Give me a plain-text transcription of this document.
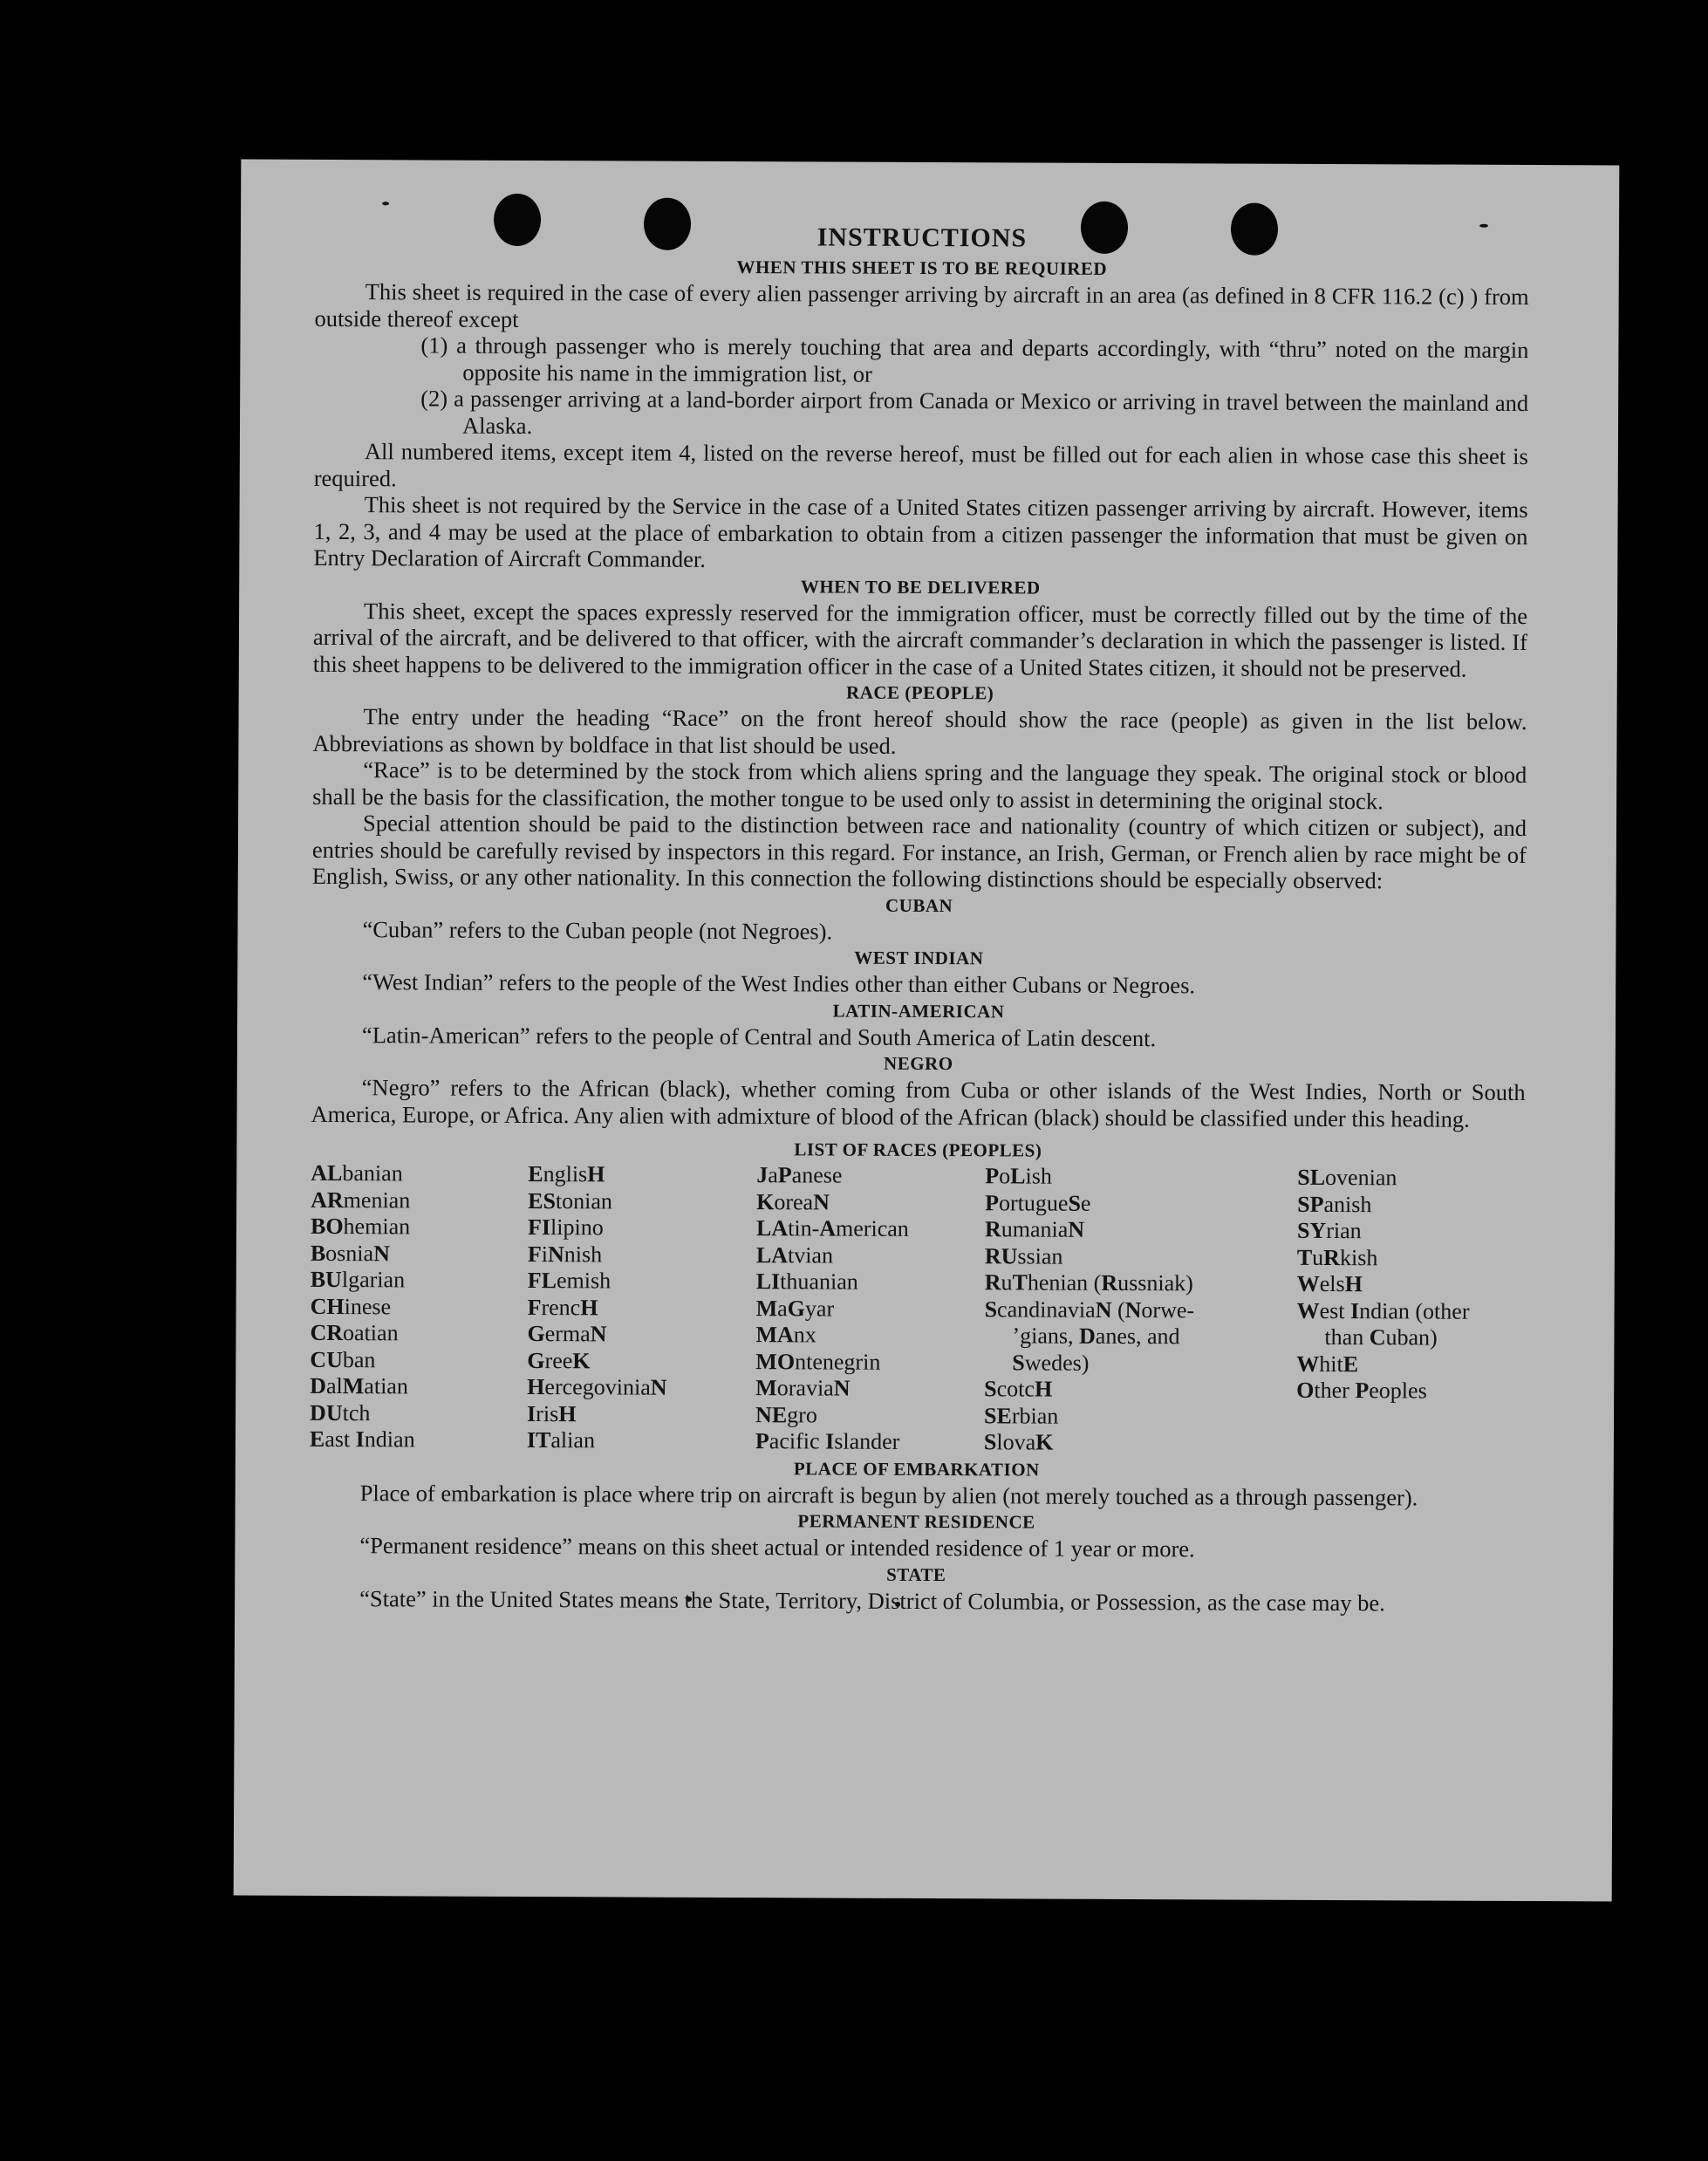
INSTRUCTIONS
WHEN THIS SHEET IS TO BE REQUIRED

This sheet is required in the case of every alien passenger arriving by aircraft in an area (as defined in 8 CFR 116.2 (c) ) from outside thereof except

(1) a through passenger who is merely touching that area and departs accordingly, with “thru” noted on the margin opposite his name in the immigration list, or

(2) a passenger arriving at a land-border airport from Canada or Mexico or arriving in travel between the mainland and Alaska.

All numbered items, except item 4, listed on the reverse hereof, must be filled out for each alien in whose case this sheet is required.

This sheet is not required by the Service in the case of a United States citizen passenger arriving by aircraft. However, items 1, 2, 3, and 4 may be used at the place of embarkation to obtain from a citizen passenger the information that must be given on Entry Declaration of Aircraft Commander.

WHEN TO BE DELIVERED

This sheet, except the spaces expressly reserved for the immigration officer, must be correctly filled out by the time of the arrival of the aircraft, and be delivered to that officer, with the aircraft commander’s declaration in which the passenger is listed. If this sheet happens to be delivered to the immigration officer in the case of a United States citizen, it should not be preserved.

RACE (PEOPLE)

The entry under the heading “Race” on the front hereof should show the race (people) as given in the list below. Abbreviations as shown by boldface in that list should be used.

“Race” is to be determined by the stock from which aliens spring and the language they speak. The original stock or blood shall be the basis for the classification, the mother tongue to be used only to assist in determining the original stock.

Special attention should be paid to the distinction between race and nationality (country of which citizen or subject), and entries should be carefully revised by inspectors in this regard. For instance, an Irish, German, or French alien by race might be of English, Swiss, or any other nationality. In this connection the following distinctions should be especially observed:

CUBAN

“Cuban” refers to the Cuban people (not Negroes).

WEST INDIAN

“West Indian” refers to the people of the West Indies other than either Cubans or Negroes.

LATIN-AMERICAN

“Latin-American” refers to the people of Central and South America of Latin descent.

NEGRO

“Negro” refers to the African (black), whether coming from Cuba or other islands of the West Indies, North or South America, Europe, or Africa. Any alien with admixture of blood of the African (black) should be classified under this heading.

LIST OF RACES (PEOPLES)
ALbanian
ARmenian
BOhemian
BosniaN
BUlgarian
CHinese
CRoatian
CUban
DalMatian
DUtch
East Indian
EnglisH
EStonian
FIlipino
FiNnish
FLemish
FrencH
GermaN
GreeK
HercegoviniaN
IrisH
ITalian
JaPanese
KoreaN
LAtin-American
LAtvian
LIthuanian
MaGyar
MAnx
MOntenegrin
MoraviaN
NEgro
Pacific Islander
PoLish
PortugueSe
RumaniaN
RUssian
RuThenian (Russniak)
ScandinaviaN (Norwe-
’gians, Danes, and
Swedes)
ScotcH
SErbian
SlovaK
SLovenian
SPanish
SYrian
TuRkish
WelsH
West Indian (other
than Cuban)
WhitE
Other Peoples
PLACE OF EMBARKATION

Place of embarkation is place where trip on aircraft is begun by alien (not merely touched as a through passenger).

PERMANENT RESIDENCE

“Permanent residence” means on this sheet actual or intended residence of 1 year or more.

STATE

“State” in the United States means the State, Territory, District of Columbia, or Possession, as the case may be.
